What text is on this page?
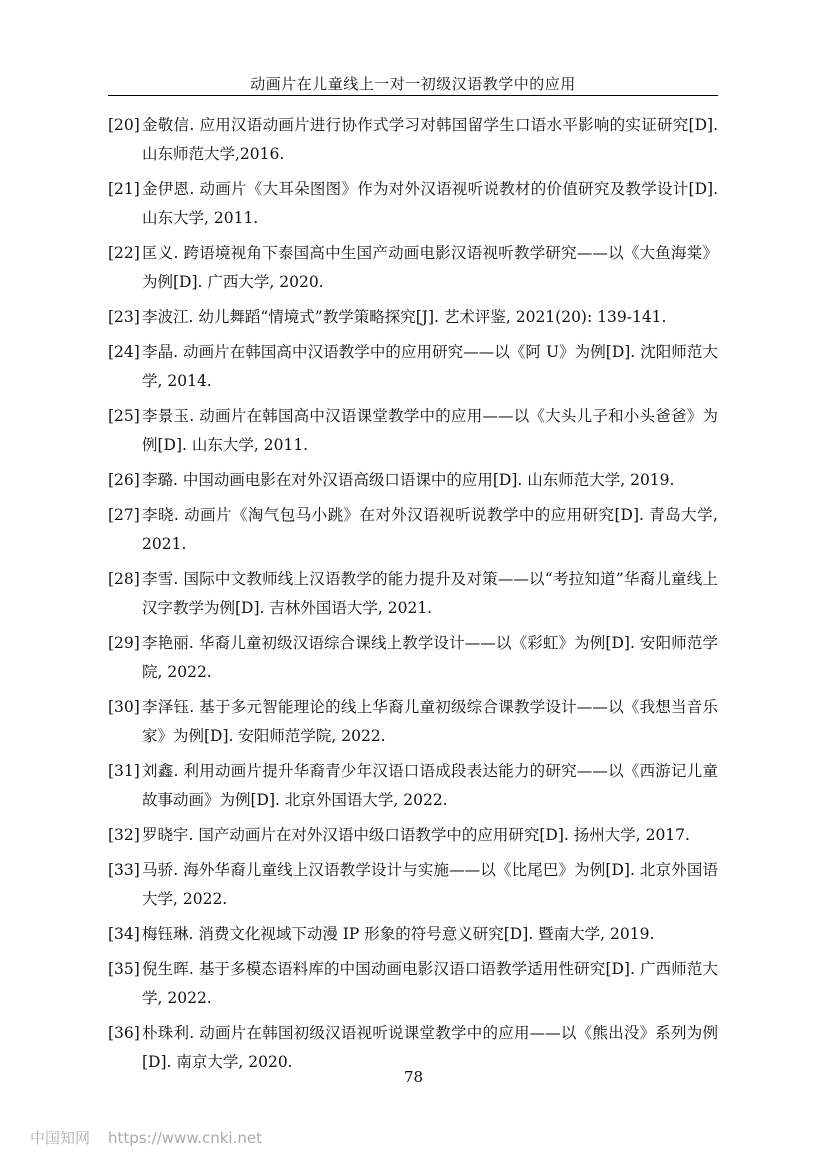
动画片在儿童线上一对一初级汉语教学中的应用
[20] 金敬信. 应用汉语动画片进行协作式学习对韩国留学生口语水平影响的实证研究[D]. 山东师范大学,2016.
[21] 金伊恩. 动画片《大耳朵图图》作为对外汉语视听说教材的价值研究及教学设计[D]. 山东大学, 2011.
[22] 匡义. 跨语境视角下泰国高中生国产动画电影汉语视听教学研究——以《大鱼海棠》为例[D]. 广西大学, 2020.
[23] 李波江. 幼儿舞蹈“情境式”教学策略探究[J]. 艺术评鉴, 2021(20): 139-141.
[24] 李晶. 动画片在韩国高中汉语教学中的应用研究——以《阿 U》为例[D]. 沈阳师范大学, 2014.
[25] 李景玉. 动画片在韩国高中汉语课堂教学中的应用——以《大头儿子和小头爸爸》为例[D]. 山东大学, 2011.
[26] 李璐. 中国动画电影在对外汉语高级口语课中的应用[D]. 山东师范大学, 2019.
[27] 李晓. 动画片《淘气包马小跳》在对外汉语视听说教学中的应用研究[D]. 青岛大学, 2021.
[28] 李雪. 国际中文教师线上汉语教学的能力提升及对策——以“考拉知道”华裔儿童线上汉字教学为例[D]. 吉林外国语大学, 2021.
[29] 李艳丽. 华裔儿童初级汉语综合课线上教学设计——以《彩虹》为例[D]. 安阳师范学院, 2022.
[30] 李泽钰. 基于多元智能理论的线上华裔儿童初级综合课教学设计——以《我想当音乐家》为例[D]. 安阳师范学院, 2022.
[31] 刘鑫. 利用动画片提升华裔青少年汉语口语成段表达能力的研究——以《西游记儿童故事动画》为例[D]. 北京外国语大学, 2022.
[32] 罗晓宇. 国产动画片在对外汉语中级口语教学中的应用研究[D]. 扬州大学, 2017.
[33] 马骄. 海外华裔儿童线上汉语教学设计与实施——以《比尾巴》为例[D]. 北京外国语大学, 2022.
[34] 梅钰琳. 消费文化视域下动漫 IP 形象的符号意义研究[D]. 暨南大学, 2019.
[35] 倪生晖. 基于多模态语料库的中国动画电影汉语口语教学适用性研究[D]. 广西师范大学, 2022.
[36] 朴珠利. 动画片在韩国初级汉语视听说课堂教学中的应用——以《熊出没》系列为例[D]. 南京大学, 2020.
78
中国知网 https://www.cnki.net
